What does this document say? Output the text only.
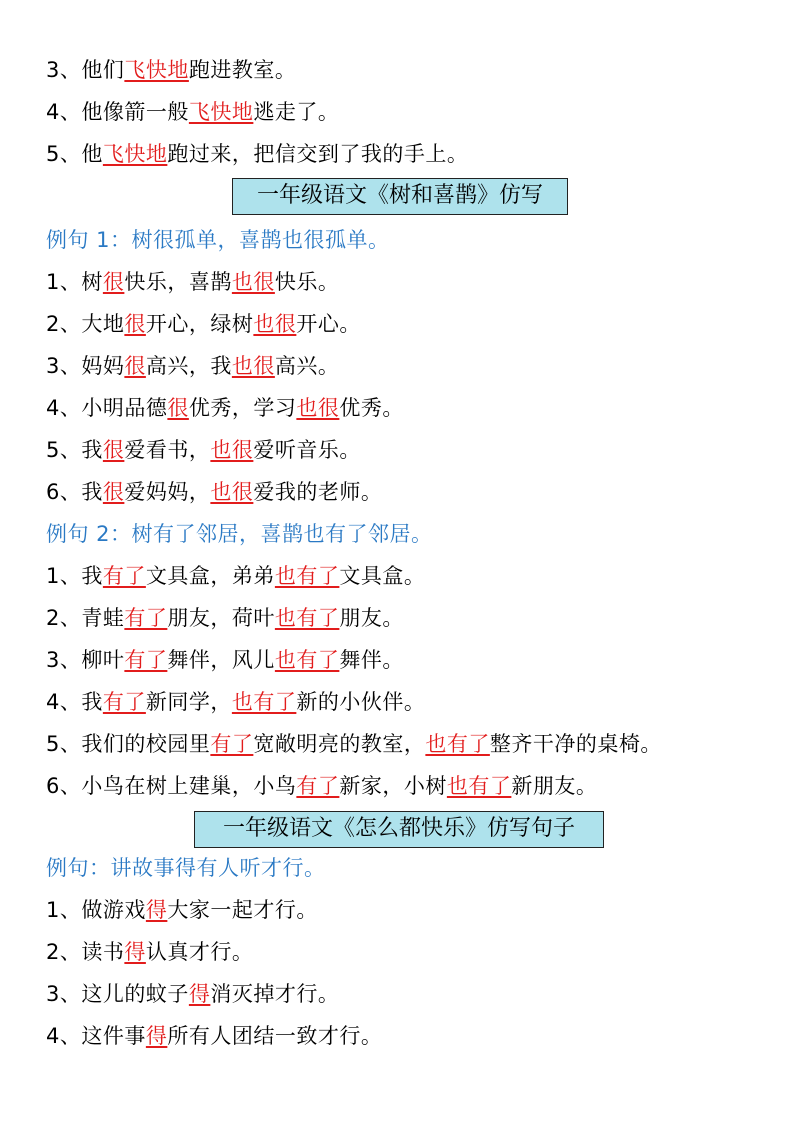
3、他们飞快地跑进教室。
4、他像箭一般飞快地逃走了。
5、他飞快地跑过来，把信交到了我的手上。
一年级语文《树和喜鹊》仿写
例句 1：树很孤单，喜鹊也很孤单。
1、树很快乐，喜鹊也很快乐。
2、大地很开心，绿树也很开心。
3、妈妈很高兴，我也很高兴。
4、小明品德很优秀，学习也很优秀。
5、我很爱看书，也很爱听音乐。
6、我很爱妈妈，也很爱我的老师。
例句 2：树有了邻居，喜鹊也有了邻居。
1、我有了文具盒，弟弟也有了文具盒。
2、青蛙有了朋友，荷叶也有了朋友。
3、柳叶有了舞伴，风儿也有了舞伴。
4、我有了新同学，也有了新的小伙伴。
5、我们的校园里有了宽敞明亮的教室，也有了整齐干净的桌椅。
6、小鸟在树上建巢，小鸟有了新家，小树也有了新朋友。
一年级语文《怎么都快乐》仿写句子
例句：讲故事得有人听才行。
1、做游戏得大家一起才行。
2、读书得认真才行。
3、这儿的蚊子得消灭掉才行。
4、这件事得所有人团结一致才行。
